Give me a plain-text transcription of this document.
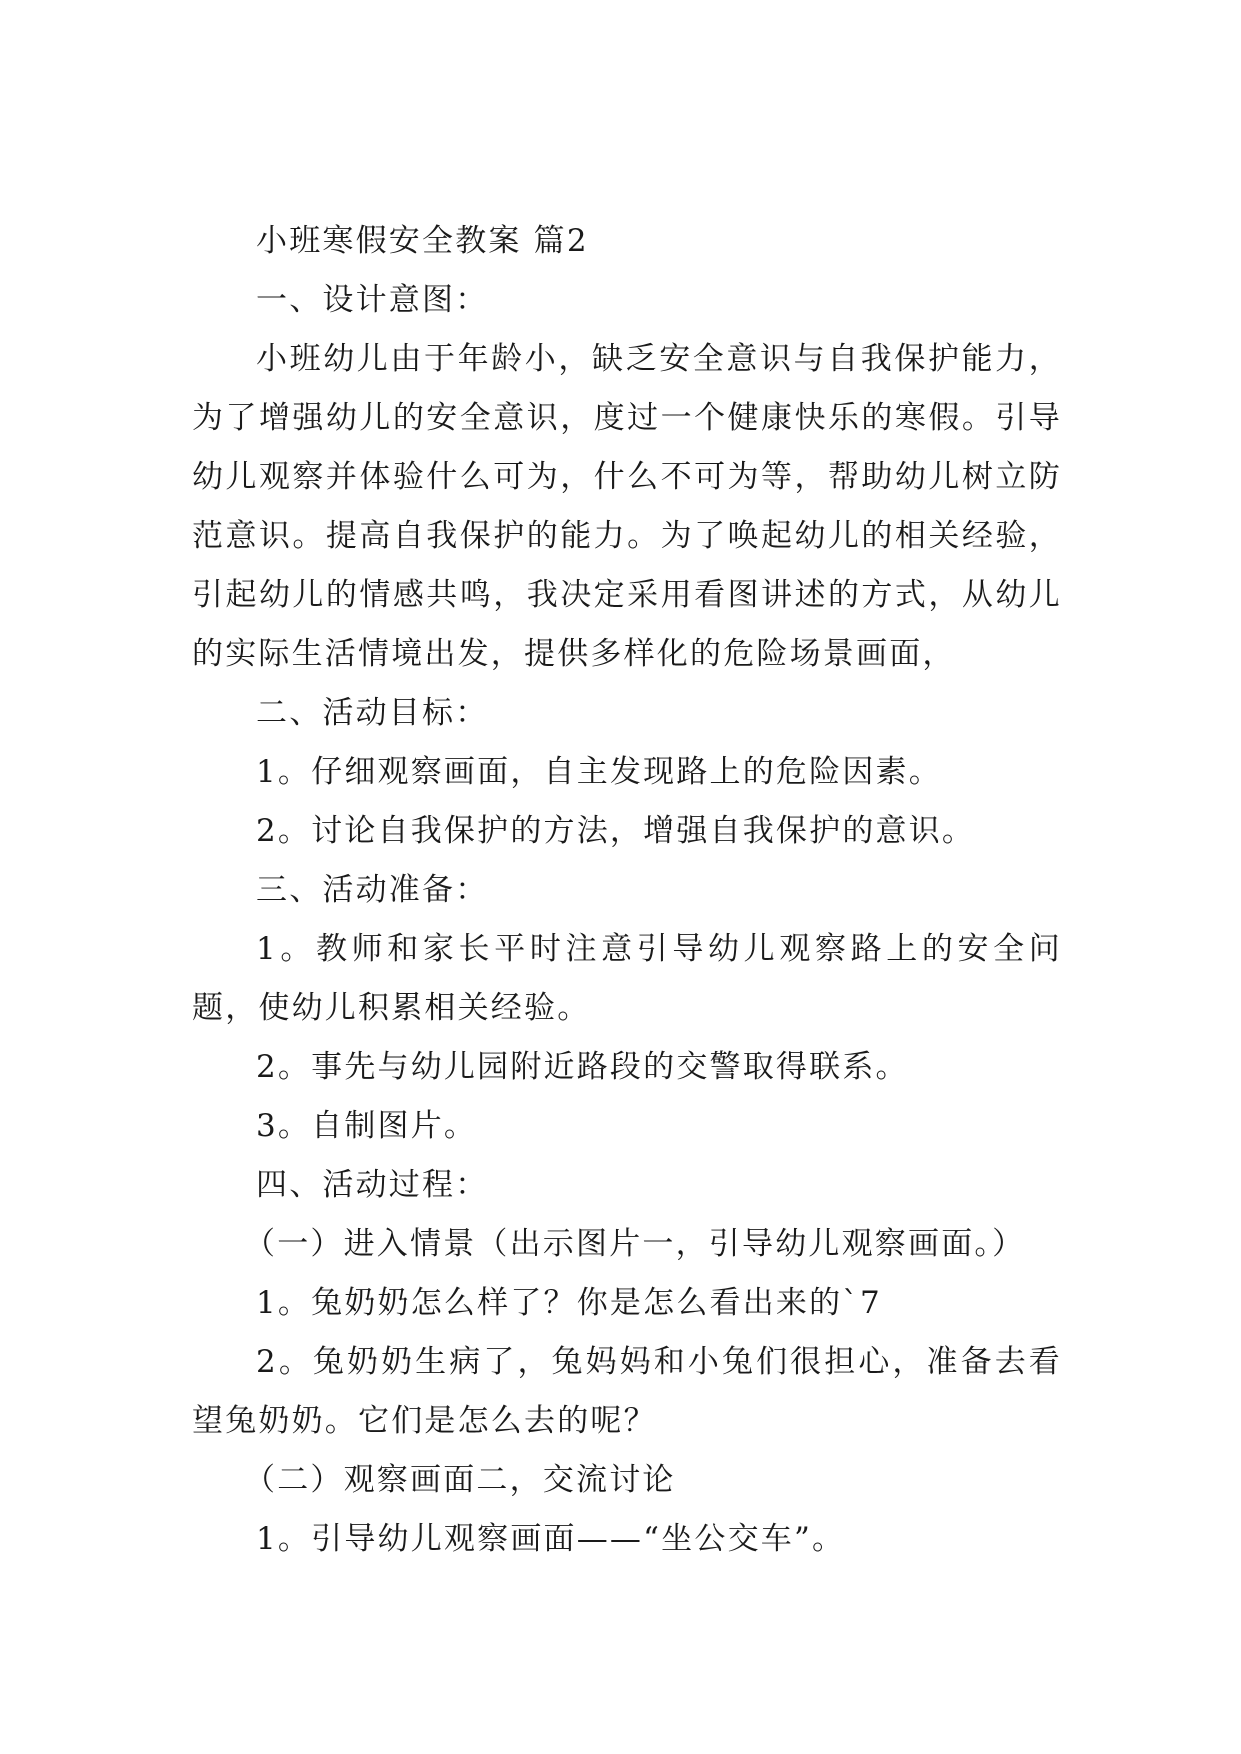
小班寒假安全教案 篇2

一、设计意图：

小班幼儿由于年龄小，缺乏安全意识与自我保护能力，为了增强幼儿的安全意识，度过一个健康快乐的寒假。引导幼儿观察并体验什么可为，什么不可为等，帮助幼儿树立防范意识。提高自我保护的能力。为了唤起幼儿的相关经验，引起幼儿的情感共鸣，我决定采用看图讲述的方式，从幼儿的实际生活情境出发，提供多样化的危险场景画面，

二、活动目标：

1。仔细观察画面，自主发现路上的危险因素。

2。讨论自我保护的方法，增强自我保护的意识。

三、活动准备：

1。教师和家长平时注意引导幼儿观察路上的安全问题，使幼儿积累相关经验。

2。事先与幼儿园附近路段的交警取得联系。

3。自制图片。

四、活动过程：

（一）进入情景（出示图片一，引导幼儿观察画面。）

1。兔奶奶怎么样了？你是怎么看出来的`7

2。兔奶奶生病了，兔妈妈和小兔们很担心，准备去看望兔奶奶。它们是怎么去的呢？

（二）观察画面二，交流讨论

1。引导幼儿观察画面——“坐公交车”。
